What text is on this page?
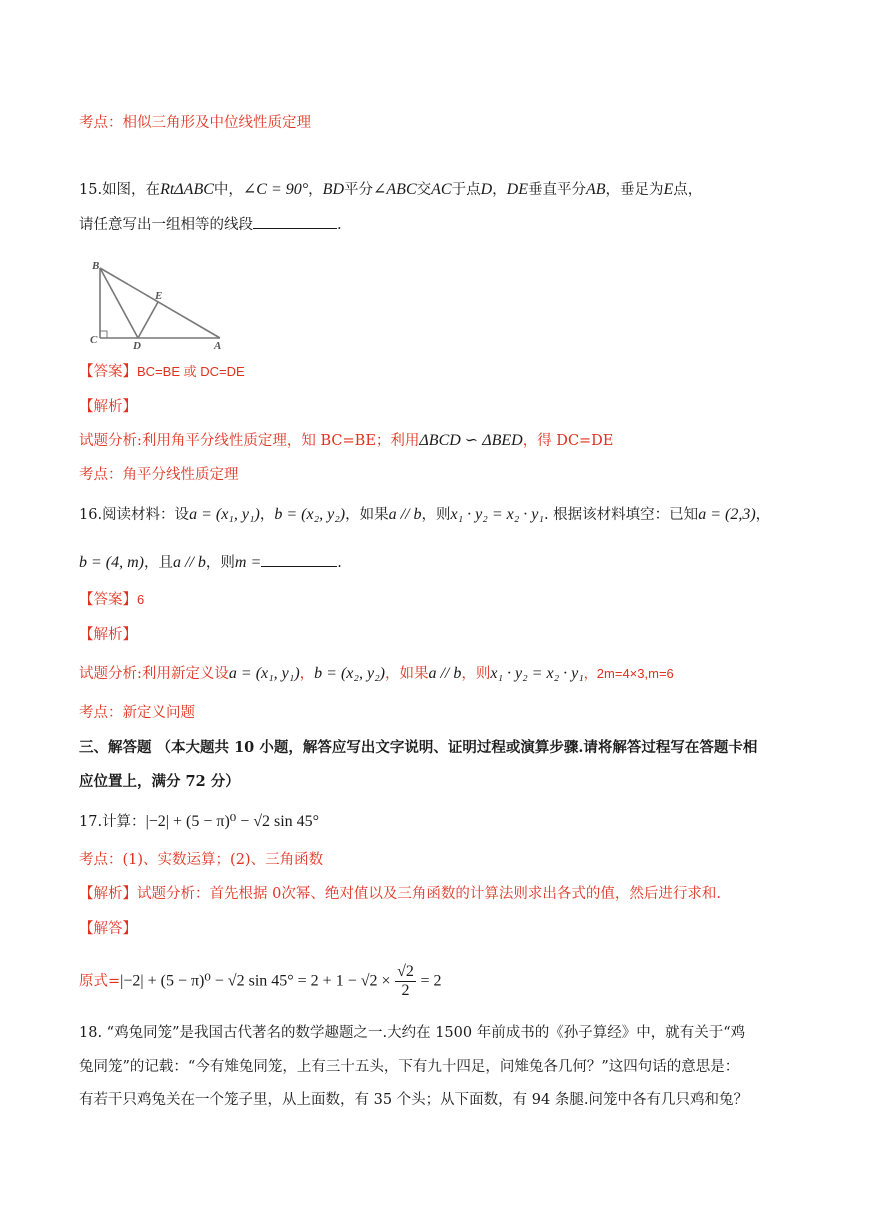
考点：相似三角形及中位线性质定理
15.如图，在RtΔABC中，∠C = 90°，BD平分∠ABC交AC于点D，DE垂直平分AB，垂足为E点，
请任意写出一组相等的线段	.
B
E
C	D	A
【答案】BC=BE 或 DC=DE
【解析】
试题分析:利用角平分线性质定理，知 BC=BE；利用ΔBCD ∽ ΔBED，得 DC=DE
考点：角平分线性质定理
16.阅读材料：设a = (x₁, y₁)，b = (x₂, y₂)，如果a // b，则x₁ · y₂ = x₂ · y₁. 根据该材料填空：已知a = (2,3)，
b = (4, m)，且a // b，则m =	.
【答案】6
【解析】
试题分析:利用新定义设a = (x₁, y₁)，b = (x₂, y₂)，如果a // b，则x₁ · y₂ = x₂ · y₁，2m=4×3,m=6
考点：新定义问题
三、解答题 （本大题共 10 小题，解答应写出文字说明、证明过程或演算步骤.请将解答过程写在答题卡相
应位置上，满分 72 分）
17.计算：|−2| + (5 − π)⁰ − √2 sin 45°
考点：(1)、实数运算；(2)、三角函数
【解析】试题分析：首先根据 0次幂、绝对值以及三角函数的计算法则求出各式的值，然后进行求和.
【解答】
原式=|−2| + (5 − π)⁰ − √2 $\sin 45^\circ = 2 + 1 - √2 \times \frac{√2}{2} = 2$
18. “鸡兔同笼”是我国古代著名的数学趣题之一.大约在 1500 年前成书的《孙子算经》中，就有关于“鸡
兔同笼”的记载：“今有雉兔同笼，上有三十五头，下有九十四足，问雉兔各几何？”这四句话的意思是：
有若干只鸡兔关在一个笼子里，从上面数，有 35 个头；从下面数，有 94 条腿.问笼中各有几只鸡和兔？
